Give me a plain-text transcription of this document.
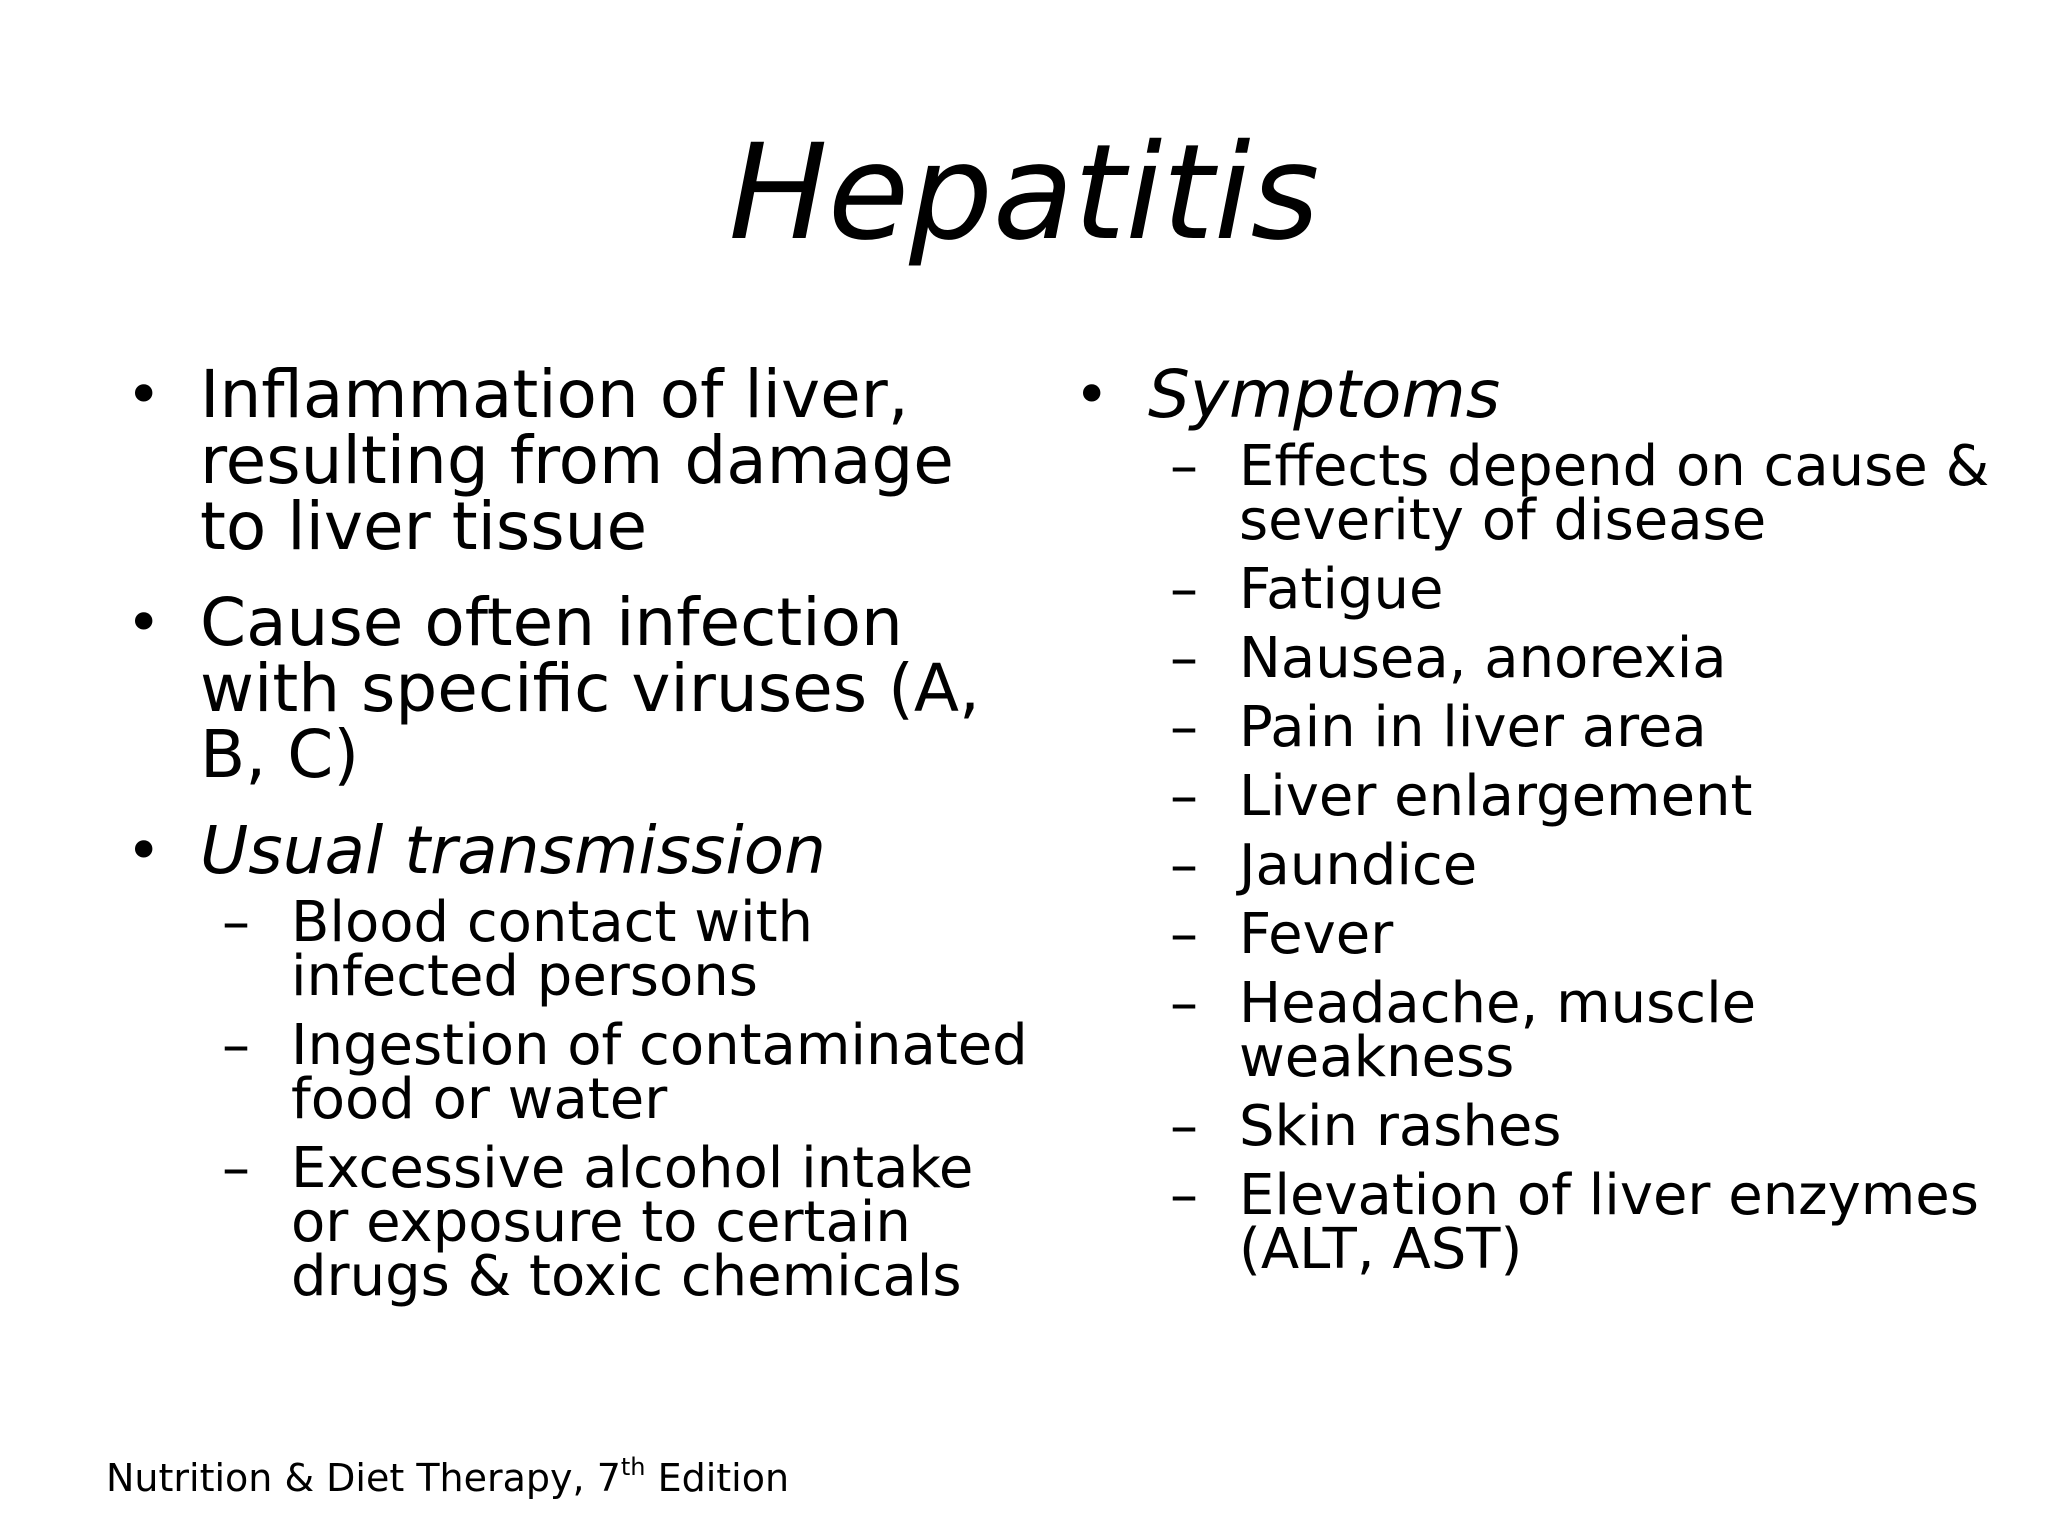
Hepatitis
• Inflammation of liver, resulting from damage to liver tissue
• Cause often infection with specific viruses (A, B, C)
• Usual transmission
– Blood contact with infected persons
– Ingestion of contaminated food or water
– Excessive alcohol intake or exposure to certain drugs & toxic chemicals
• Symptoms
– Effects depend on cause & severity of disease
– Fatigue
– Nausea, anorexia
– Pain in liver area
– Liver enlargement
– Jaundice
– Fever
– Headache, muscle weakness
– Skin rashes
– Elevation of liver enzymes (ALT, AST)
Nutrition & Diet Therapy, 7th Edition
